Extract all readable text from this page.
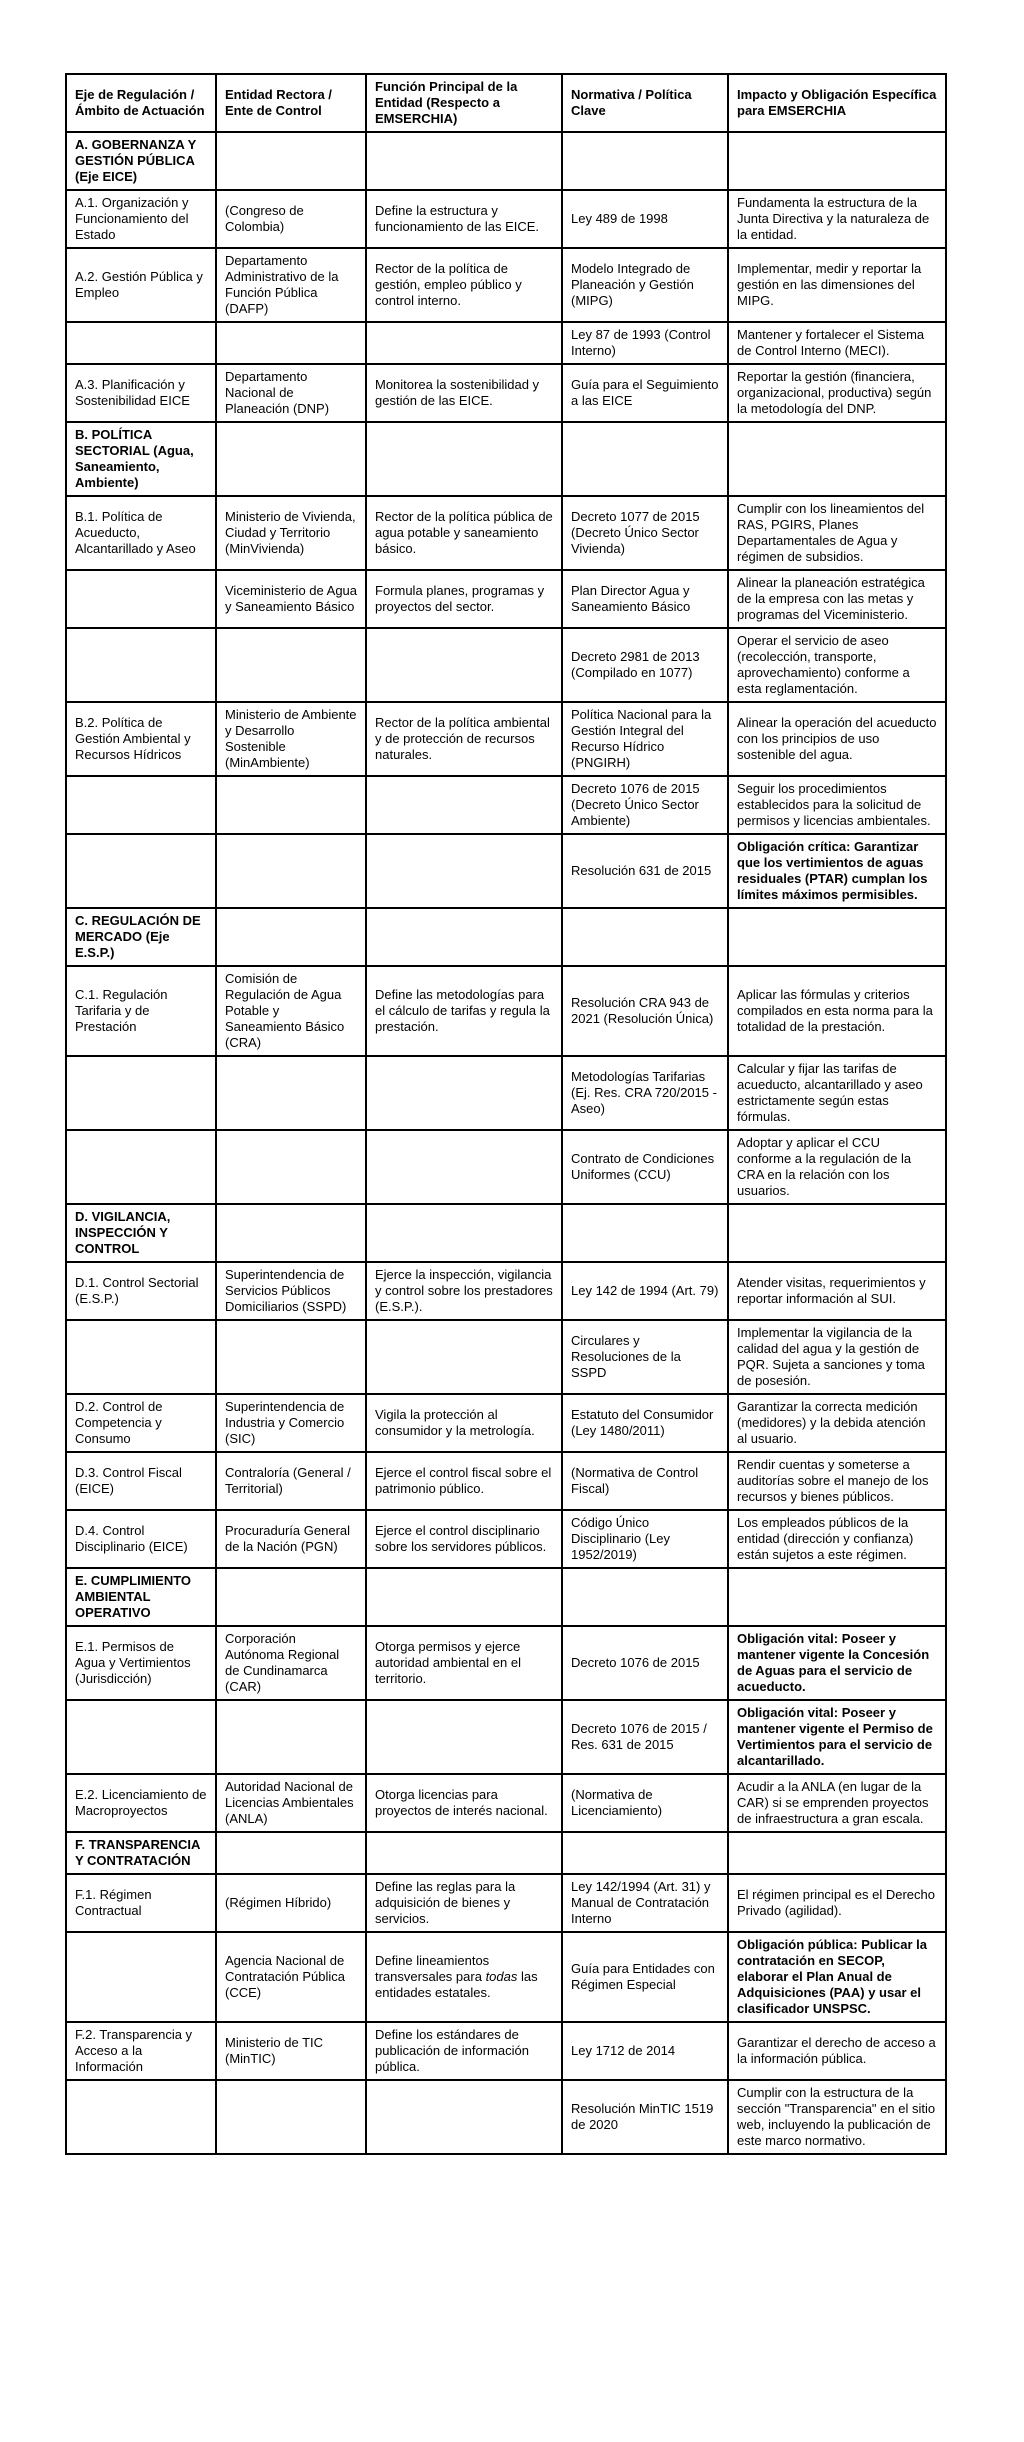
Eje de Regulación / Ámbito de Actuación	Entidad Rectora / Ente de Control	Función Principal de la Entidad (Respecto a EMSERCHIA)	Normativa / Política Clave	Impacto y Obligación Específica para EMSERCHIA
A. GOBERNANZA Y GESTIÓN PÚBLICA (Eje EICE)				
A.1. Organización y Funcionamiento del Estado	(Congreso de Colombia)	Define la estructura y funcionamiento de las EICE.	Ley 489 de 1998	Fundamenta la estructura de la Junta Directiva y la naturaleza de la entidad.
A.2. Gestión Pública y Empleo	Departamento Administrativo de la Función Pública (DAFP)	Rector de la política de gestión, empleo público y control interno.	Modelo Integrado de Planeación y Gestión (MIPG)	Implementar, medir y reportar la gestión en las dimensiones del MIPG.
			Ley 87 de 1993 (Control Interno)	Mantener y fortalecer el Sistema de Control Interno (MECI).
A.3. Planificación y Sostenibilidad EICE	Departamento Nacional de Planeación (DNP)	Monitorea la sostenibilidad y gestión de las EICE.	Guía para el Seguimiento a las EICE	Reportar la gestión (financiera, organizacional, productiva) según la metodología del DNP.
B. POLÍTICA SECTORIAL (Agua, Saneamiento, Ambiente)				
B.1. Política de Acueducto, Alcantarillado y Aseo	Ministerio de Vivienda, Ciudad y Territorio (MinVivienda)	Rector de la política pública de agua potable y saneamiento básico.	Decreto 1077 de 2015 (Decreto Único Sector Vivienda)	Cumplir con los lineamientos del RAS, PGIRS, Planes Departamentales de Agua y régimen de subsidios.
	Viceministerio de Agua y Saneamiento Básico	Formula planes, programas y proyectos del sector.	Plan Director Agua y Saneamiento Básico	Alinear la planeación estratégica de la empresa con las metas y programas del Viceministerio.
			Decreto 2981 de 2013 (Compilado en 1077)	Operar el servicio de aseo (recolección, transporte, aprovechamiento) conforme a esta reglamentación.
B.2. Política de Gestión Ambiental y Recursos Hídricos	Ministerio de Ambiente y Desarrollo Sostenible (MinAmbiente)	Rector de la política ambiental y de protección de recursos naturales.	Política Nacional para la Gestión Integral del Recurso Hídrico (PNGIRH)	Alinear la operación del acueducto con los principios de uso sostenible del agua.
			Decreto 1076 de 2015 (Decreto Único Sector Ambiente)	Seguir los procedimientos establecidos para la solicitud de permisos y licencias ambientales.
			Resolución 631 de 2015	Obligación crítica: Garantizar que los vertimientos de aguas residuales (PTAR) cumplan los límites máximos permisibles.
C. REGULACIÓN DE MERCADO (Eje E.S.P.)				
C.1. Regulación Tarifaria y de Prestación	Comisión de Regulación de Agua Potable y Saneamiento Básico (CRA)	Define las metodologías para el cálculo de tarifas y regula la prestación.	Resolución CRA 943 de 2021 (Resolución Única)	Aplicar las fórmulas y criterios compilados en esta norma para la totalidad de la prestación.
			Metodologías Tarifarias (Ej. Res. CRA 720/2015 - Aseo)	Calcular y fijar las tarifas de acueducto, alcantarillado y aseo estrictamente según estas fórmulas.
			Contrato de Condiciones Uniformes (CCU)	Adoptar y aplicar el CCU conforme a la regulación de la CRA en la relación con los usuarios.
D. VIGILANCIA, INSPECCIÓN Y CONTROL				
D.1. Control Sectorial (E.S.P.)	Superintendencia de Servicios Públicos Domiciliarios (SSPD)	Ejerce la inspección, vigilancia y control sobre los prestadores (E.S.P.).	Ley 142 de 1994 (Art. 79)	Atender visitas, requerimientos y reportar información al SUI.
			Circulares y Resoluciones de la SSPD	Implementar la vigilancia de la calidad del agua y la gestión de PQR. Sujeta a sanciones y toma de posesión.
D.2. Control de Competencia y Consumo	Superintendencia de Industria y Comercio (SIC)	Vigila la protección al consumidor y la metrología.	Estatuto del Consumidor (Ley 1480/2011)	Garantizar la correcta medición (medidores) y la debida atención al usuario.
D.3. Control Fiscal (EICE)	Contraloría (General / Territorial)	Ejerce el control fiscal sobre el patrimonio público.	(Normativa de Control Fiscal)	Rendir cuentas y someterse a auditorías sobre el manejo de los recursos y bienes públicos.
D.4. Control Disciplinario (EICE)	Procuraduría General de la Nación (PGN)	Ejerce el control disciplinario sobre los servidores públicos.	Código Único Disciplinario (Ley 1952/2019)	Los empleados públicos de la entidad (dirección y confianza) están sujetos a este régimen.
E. CUMPLIMIENTO AMBIENTAL OPERATIVO				
E.1. Permisos de Agua y Vertimientos (Jurisdicción)	Corporación Autónoma Regional de Cundinamarca (CAR)	Otorga permisos y ejerce autoridad ambiental en el territorio.	Decreto 1076 de 2015	Obligación vital: Poseer y mantener vigente la Concesión de Aguas para el servicio de acueducto.
			Decreto 1076 de 2015 / Res. 631 de 2015	Obligación vital: Poseer y mantener vigente el Permiso de Vertimientos para el servicio de alcantarillado.
E.2. Licenciamiento de Macroproyectos	Autoridad Nacional de Licencias Ambientales (ANLA)	Otorga licencias para proyectos de interés nacional.	(Normativa de Licenciamiento)	Acudir a la ANLA (en lugar de la CAR) si se emprenden proyectos de infraestructura a gran escala.
F. TRANSPARENCIA Y CONTRATACIÓN				
F.1. Régimen Contractual	(Régimen Híbrido)	Define las reglas para la adquisición de bienes y servicios.	Ley 142/1994 (Art. 31) y Manual de Contratación Interno	El régimen principal es el Derecho Privado (agilidad).
	Agencia Nacional de Contratación Pública (CCE)	Define lineamientos transversales para todas las entidades estatales.	Guía para Entidades con Régimen Especial	Obligación pública: Publicar la contratación en SECOP, elaborar el Plan Anual de Adquisiciones (PAA) y usar el clasificador UNSPSC.
F.2. Transparencia y Acceso a la Información	Ministerio de TIC (MinTIC)	Define los estándares de publicación de información pública.	Ley 1712 de 2014	Garantizar el derecho de acceso a la información pública.
			Resolución MinTIC 1519 de 2020	Cumplir con la estructura de la sección "Transparencia" en el sitio web, incluyendo la publicación de este marco normativo.
